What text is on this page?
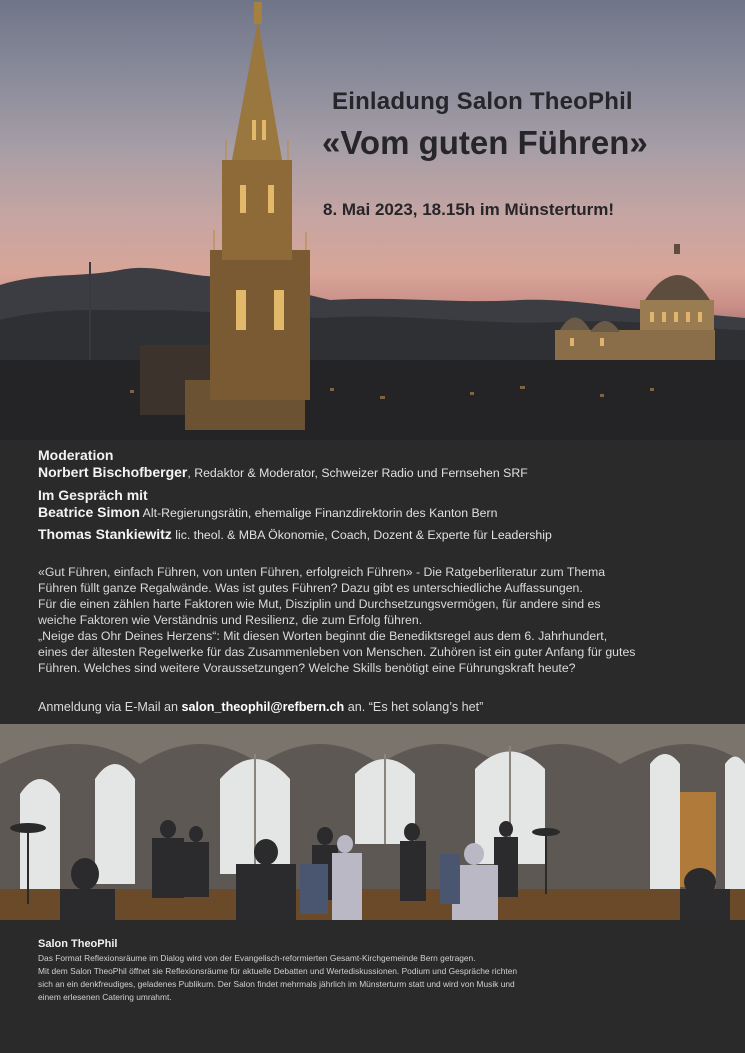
Einladung Salon TheoPhil
«Vom guten Führen»
8. Mai 2023, 18.15h im Münsterturm!
Moderation
Norbert Bischofberger, Redaktor & Moderator, Schweizer Radio und Fernsehen SRF
Im Gespräch mit
Beatrice Simon Alt-Regierungsrätin, ehemalige Finanzdirektorin des Kanton Bern
Thomas Stankiewitz lic. theol. & MBA Ökonomie, Coach, Dozent & Experte für Leadership
«Gut Führen, einfach Führen, von unten Führen, erfolgreich Führen» - Die Ratgeberliteratur zum Thema
Führen füllt ganze Regalwände. Was ist gutes Führen? Dazu gibt es unterschiedliche Auffassungen.
Für die einen zählen harte Faktoren wie Mut, Disziplin und Durchsetzungsvermögen, für andere sind es
weiche Faktoren wie Verständnis und Resilienz, die zum Erfolg führen.
„Neige das Ohr Deines Herzens“: Mit diesen Worten beginnt die Benediktsregel aus dem 6. Jahrhundert,
eines der ältesten Regelwerke für das Zusammenleben von Menschen. Zuhören ist ein guter Anfang für gutes
Führen. Welches sind weitere Voraussetzungen? Welche Skills benötigt eine Führungskraft heute?
Anmeldung via E-Mail an salon_theophil@refbern.ch an. “Es het solang’s het”
Salon TheoPhil
Das Format Reflexionsräume im Dialog wird von der Evangelisch-reformierten Gesamt-Kirchgemeinde Bern getragen.
Mit dem Salon TheoPhil öffnet sie Reflexionsräume für aktuelle Debatten und Wertediskussionen. Podium und Gespräche richten
sich an ein denkfreudiges, geladenes Publikum. Der Salon findet mehrmals jährlich im Münsterturm statt und wird von Musik und
einem erlesenen Catering umrahmt.
